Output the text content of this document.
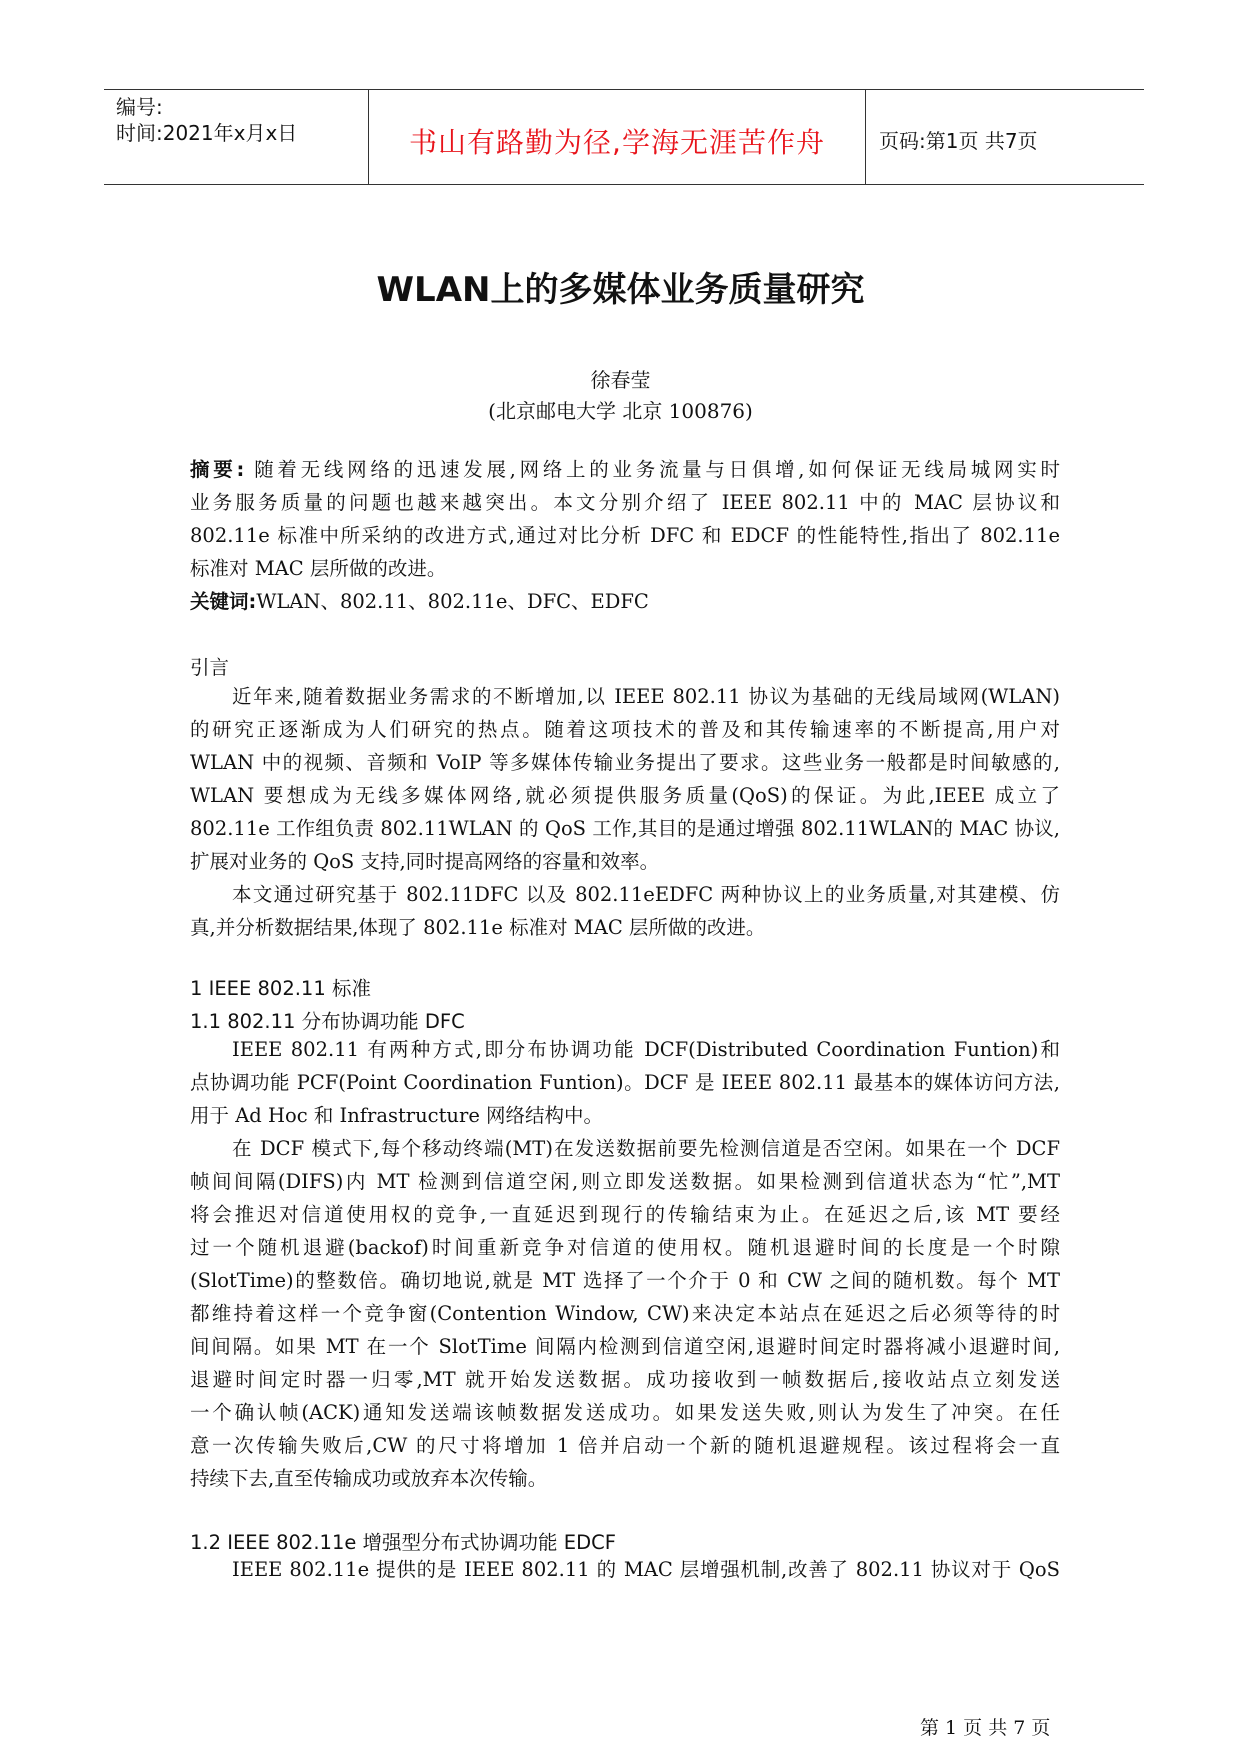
编号:
时间:2021年x月x日	书山有路勤为径,学海无涯苦作舟	页码:第1页 共7页
WLAN上的多媒体业务质量研究
徐春莹
(北京邮电大学 北京 100876)
摘要: 随着无线网络的迅速发展,网络上的业务流量与日俱增,如何保证无线局城网实时
业务服务质量的问题也越来越突出。本文分别介绍了 IEEE 802.11 中的 MAC 层协议和
802.11e 标准中所采纳的改进方式,通过对比分析 DFC 和 EDCF 的性能特性,指出了 802.11e
标准对 MAC 层所做的改进。
关键词:WLAN、802.11、802.11e、DFC、EDFC
引言
近年来,随着数据业务需求的不断增加,以 IEEE 802.11 协议为基础的无线局域网(WLAN)
的研究正逐渐成为人们研究的热点。随着这项技术的普及和其传输速率的不断提高,用户对
WLAN 中的视频、音频和 VoIP 等多媒体传输业务提出了要求。这些业务一般都是时间敏感的,
WLAN 要想成为无线多媒体网络,就必须提供服务质量(QoS)的保证。为此,IEEE 成立了
802.11e 工作组负责 802.11WLAN 的 QoS 工作,其目的是通过增强 802.11WLAN的 MAC 协议,
扩展对业务的 QoS 支持,同时提高网络的容量和效率。
本文通过研究基于 802.11DFC 以及 802.11eEDFC 两种协议上的业务质量,对其建模、仿
真,并分析数据结果,体现了 802.11e 标准对 MAC 层所做的改进。
1 IEEE 802.11 标准
1.1 802.11 分布协调功能 DFC
IEEE 802.11 有两种方式,即分布协调功能 DCF(Distributed Coordination Funtion)和
点协调功能 PCF(Point Coordination Funtion)。DCF 是 IEEE 802.11 最基本的媒体访问方法,
用于 Ad Hoc 和 Infrastructure 网络结构中。
在 DCF 模式下,每个移动终端(MT)在发送数据前要先检测信道是否空闲。如果在一个 DCF
帧间间隔(DIFS)内 MT 检测到信道空闲,则立即发送数据。如果检测到信道状态为“忙”,MT
将会推迟对信道使用权的竞争,一直延迟到现行的传输结束为止。在延迟之后,该 MT 要经
过一个随机退避(backof)时间重新竞争对信道的使用权。随机退避时间的长度是一个时隙
(SlotTime)的整数倍。确切地说,就是 MT 选择了一个介于 0 和 CW 之间的随机数。每个 MT
都维持着这样一个竞争窗(Contention Window, CW)来决定本站点在延迟之后必须等待的时
间间隔。如果 MT 在一个 SlotTime 间隔内检测到信道空闲,退避时间定时器将减小退避时间,
退避时间定时器一归零,MT 就开始发送数据。成功接收到一帧数据后,接收站点立刻发送
一个确认帧(ACK)通知发送端该帧数据发送成功。如果发送失败,则认为发生了冲突。在任
意一次传输失败后,CW 的尺寸将增加 1 倍并启动一个新的随机退避规程。该过程将会一直
持续下去,直至传输成功或放弃本次传输。
1.2 IEEE 802.11e 增强型分布式协调功能 EDCF
IEEE 802.11e 提供的是 IEEE 802.11 的 MAC 层增强机制,改善了 802.11 协议对于 QoS
第 1 页 共 7 页
